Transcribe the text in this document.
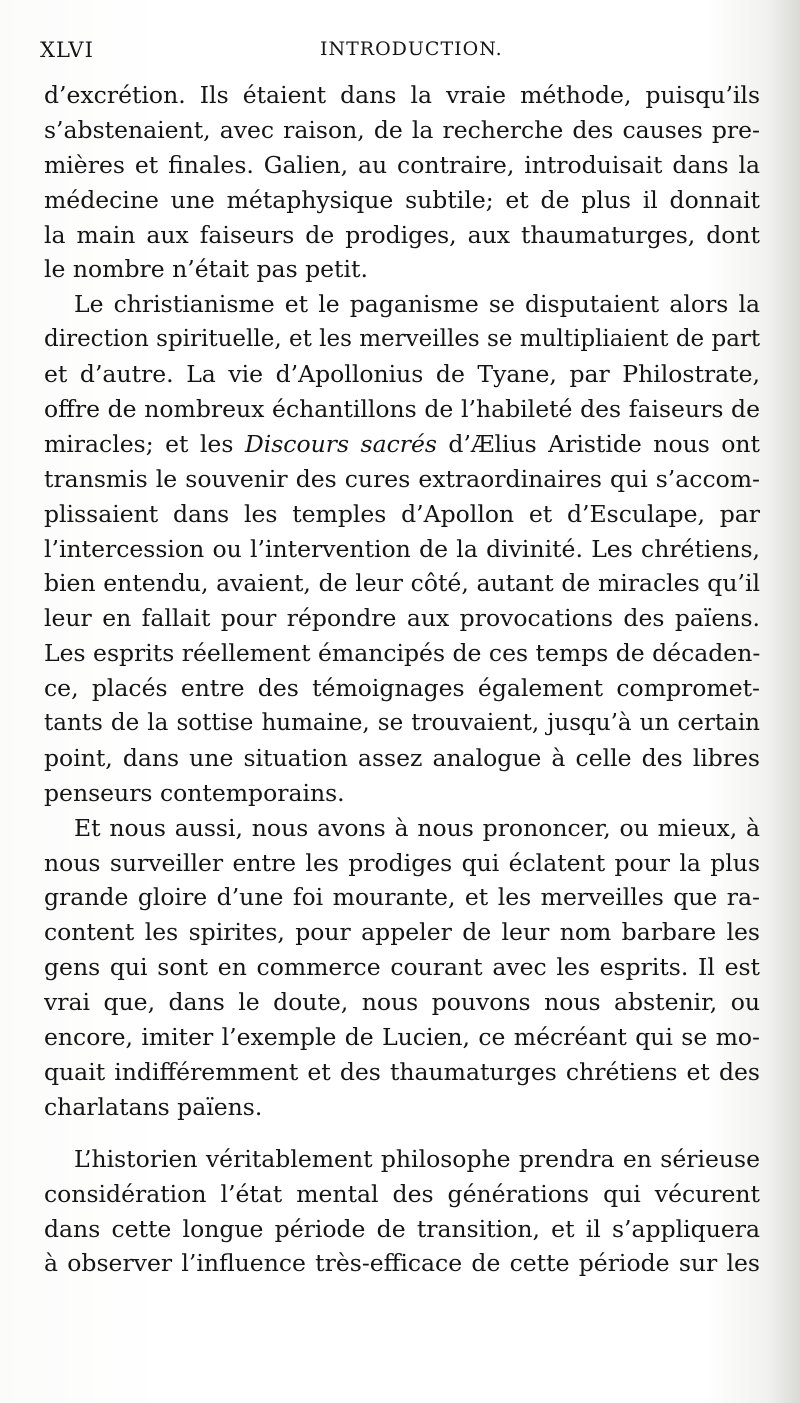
XLVI	INTRODUCTION.
d’excrétion. Ils étaient dans la vraie méthode, puisqu’ils
s’abstenaient, avec raison, de la recherche des causes pre-
mières et finales. Galien, au contraire, introduisait dans la
médecine une métaphysique subtile; et de plus il donnait
la main aux faiseurs de prodiges, aux thaumaturges, dont
le nombre n’était pas petit.
Le christianisme et le paganisme se disputaient alors la
direction spirituelle, et les merveilles se multipliaient de part
et d’autre. La vie d’Apollonius de Tyane, par Philostrate,
offre de nombreux échantillons de l’habileté des faiseurs de
miracles; et les Discours sacrés d’Ælius Aristide nous ont
transmis le souvenir des cures extraordinaires qui s’accom-
plissaient dans les temples d’Apollon et d’Esculape, par
l’intercession ou l’intervention de la divinité. Les chrétiens,
bien entendu, avaient, de leur côté, autant de miracles qu’il
leur en fallait pour répondre aux provocations des païens.
Les esprits réellement émancipés de ces temps de décaden-
ce, placés entre des témoignages également compromet-
tants de la sottise humaine, se trouvaient, jusqu’à un certain
point, dans une situation assez analogue à celle des libres
penseurs contemporains.
Et nous aussi, nous avons à nous prononcer, ou mieux, à
nous surveiller entre les prodiges qui éclatent pour la plus
grande gloire d’une foi mourante, et les merveilles que ra-
content les spirites, pour appeler de leur nom barbare les
gens qui sont en commerce courant avec les esprits. Il est
vrai que, dans le doute, nous pouvons nous abstenir, ou
encore, imiter l’exemple de Lucien, ce mécréant qui se mo-
quait indifféremment et des thaumaturges chrétiens et des
charlatans païens.
L’historien véritablement philosophe prendra en sérieuse
considération l’état mental des générations qui vécurent
dans cette longue période de transition, et il s’appliquera
à observer l’influence très-efficace de cette période sur les
